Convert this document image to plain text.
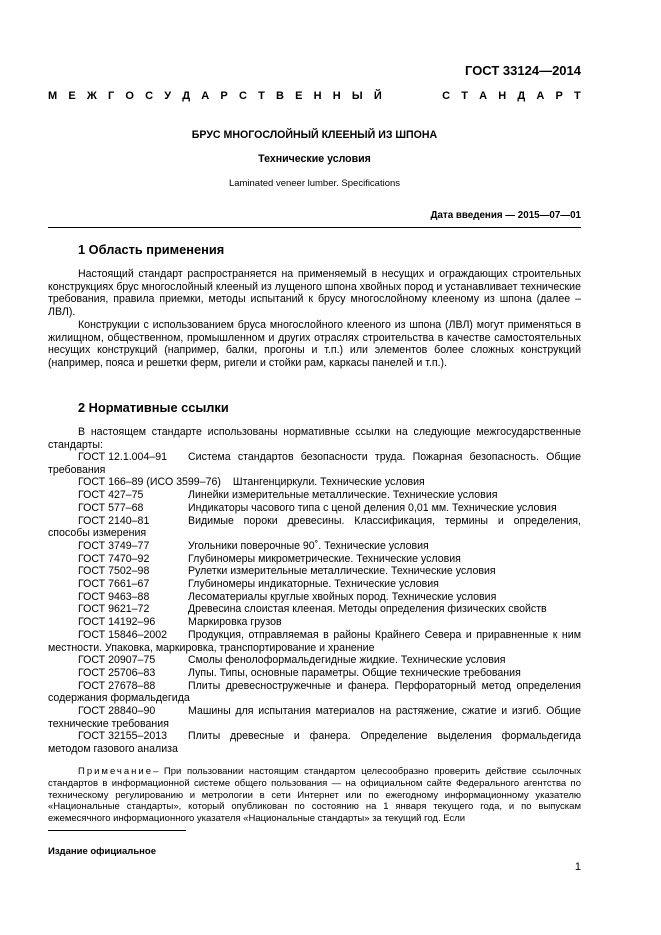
ГОСТ 33124—2014
М Е Ж Г О С У Д А Р С Т В Е Н Н Ы Й	С Т А Н Д А Р Т
БРУС МНОГОСЛОЙНЫЙ КЛЕЕНЫЙ ИЗ ШПОНА
Технические условия
Laminated veneer lumber. Specifications
Дата введения — 2015—07—01
1 Область применения

Настоящий стандарт распространяется на применяемый в несущих и ограждающих строительных конструкциях брус многослойный клееный из лущеного шпона хвойных пород и устанавливает технические требования, правила приемки, методы испытаний к брусу многослойному клееному из шпона (далее – ЛВЛ).

Конструкции с использованием бруса многослойного клееного из шпона (ЛВЛ) могут применяться в жилищном, общественном, промышленном и других отраслях строительства в качестве самостоятельных несущих конструкций (например, балки, прогоны и т.п.) или элементов более сложных конструкций (например, пояса и решетки ферм, ригели и стойки рам, каркасы панелей и т.п.).

2 Нормативные ссылки

В настоящем стандарте использованы нормативные ссылки на следующие межгосударственные стандарты:

ГОСТ 12.1.004–91 Система стандартов безопасности труда. Пожарная безопасность. Общие требования
ГОСТ 166–89 (ИСО 3599–76) Штангенциркули. Технические условия
ГОСТ 427–75	Линейки измерительные металлические. Технические условия
ГОСТ 577–68	Индикаторы часового типа с ценой деления 0,01 мм. Технические условия
ГОСТ 2140–81	Видимые пороки древесины. Классификация, термины и определения, способы измерения
ГОСТ 3749–77	Угольники поверочные 90˚. Технические условия
ГОСТ 7470–92	Глубиномеры микрометрические. Технические условия
ГОСТ 7502–98	Рулетки измерительные металлические. Технические условия
ГОСТ 7661–67	Глубиномеры индикаторные. Технические условия
ГОСТ 9463–88	Лесоматериалы круглые хвойных пород. Технические условия
ГОСТ 9621–72	Древесина слоистая клееная. Методы определения физических свойств
ГОСТ 14192–96	Маркировка грузов
ГОСТ 15846–2002 Продукция, отправляемая в районы Крайнего Севера и приравненные к ним местности. Упаковка, маркировка, транспортирование и хранение
ГОСТ 20907–75	Смолы фенолоформальдегидные жидкие. Технические условия
ГОСТ 25706–83	Лупы. Типы, основные параметры. Общие технические требования
ГОСТ 27678–88	Плиты древесностружечные и фанера. Перфораторный метод определения содержания формальдегида
ГОСТ 28840–90	Машины для испытания материалов на растяжение, сжатие и изгиб. Общие технические требования
ГОСТ 32155–2013 Плиты древесные и фанера. Определение выделения формальдегида методом газового анализа
Примечание– При пользовании настоящим стандартом целесообразно проверить действие ссылочных стандартов в информационной системе общего пользования — на официальном сайте Федерального агентства по техническому регулированию и метрологии в сети Интернет или по ежегодному информационному указателю «Национальные стандарты», который опубликован по состоянию на 1 января текущего года, и по выпускам ежемесячного информационного указателя «Национальные стандарты» за текущий год. Если
Издание официальное
1
